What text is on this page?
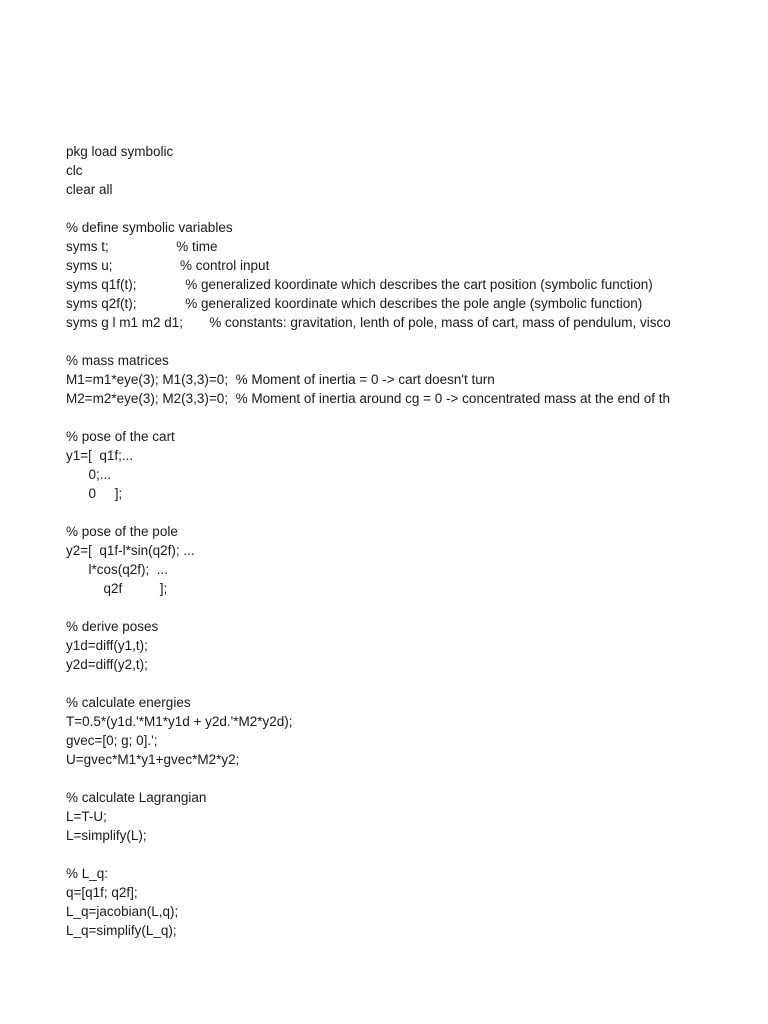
pkg load symbolic
clc
clear all
% define symbolic variables
syms t;                  % time
syms u;                  % control input
syms q1f(t);             % generalized koordinate which describes the cart position (symbolic function)
syms q2f(t);             % generalized koordinate which describes the pole angle (symbolic function)
syms g l m1 m2 d1;       % constants: gravitation, lenth of pole, mass of cart, mass of pendulum, visco
% mass matrices
M1=m1*eye(3); M1(3,3)=0;  % Moment of inertia = 0 -> cart doesn't turn
M2=m2*eye(3); M2(3,3)=0;  % Moment of inertia around cg = 0 -> concentrated mass at the end of th
% pose of the cart
y1=[  q1f;...
0;...
0     ];
% pose of the pole
y2=[  q1f-l*sin(q2f); ...
l*cos(q2f);  ...
q2f          ];
% derive poses
y1d=diff(y1,t);
y2d=diff(y2,t);
% calculate energies
T=0.5*(y1d.'*M1*y1d + y2d.'*M2*y2d);
gvec=[0; g; 0].';
U=gvec*M1*y1+gvec*M2*y2;
% calculate Lagrangian
L=T-U;
L=simplify(L);
% L_q:
q=[q1f; q2f];
L_q=jacobian(L,q);
L_q=simplify(L_q);
